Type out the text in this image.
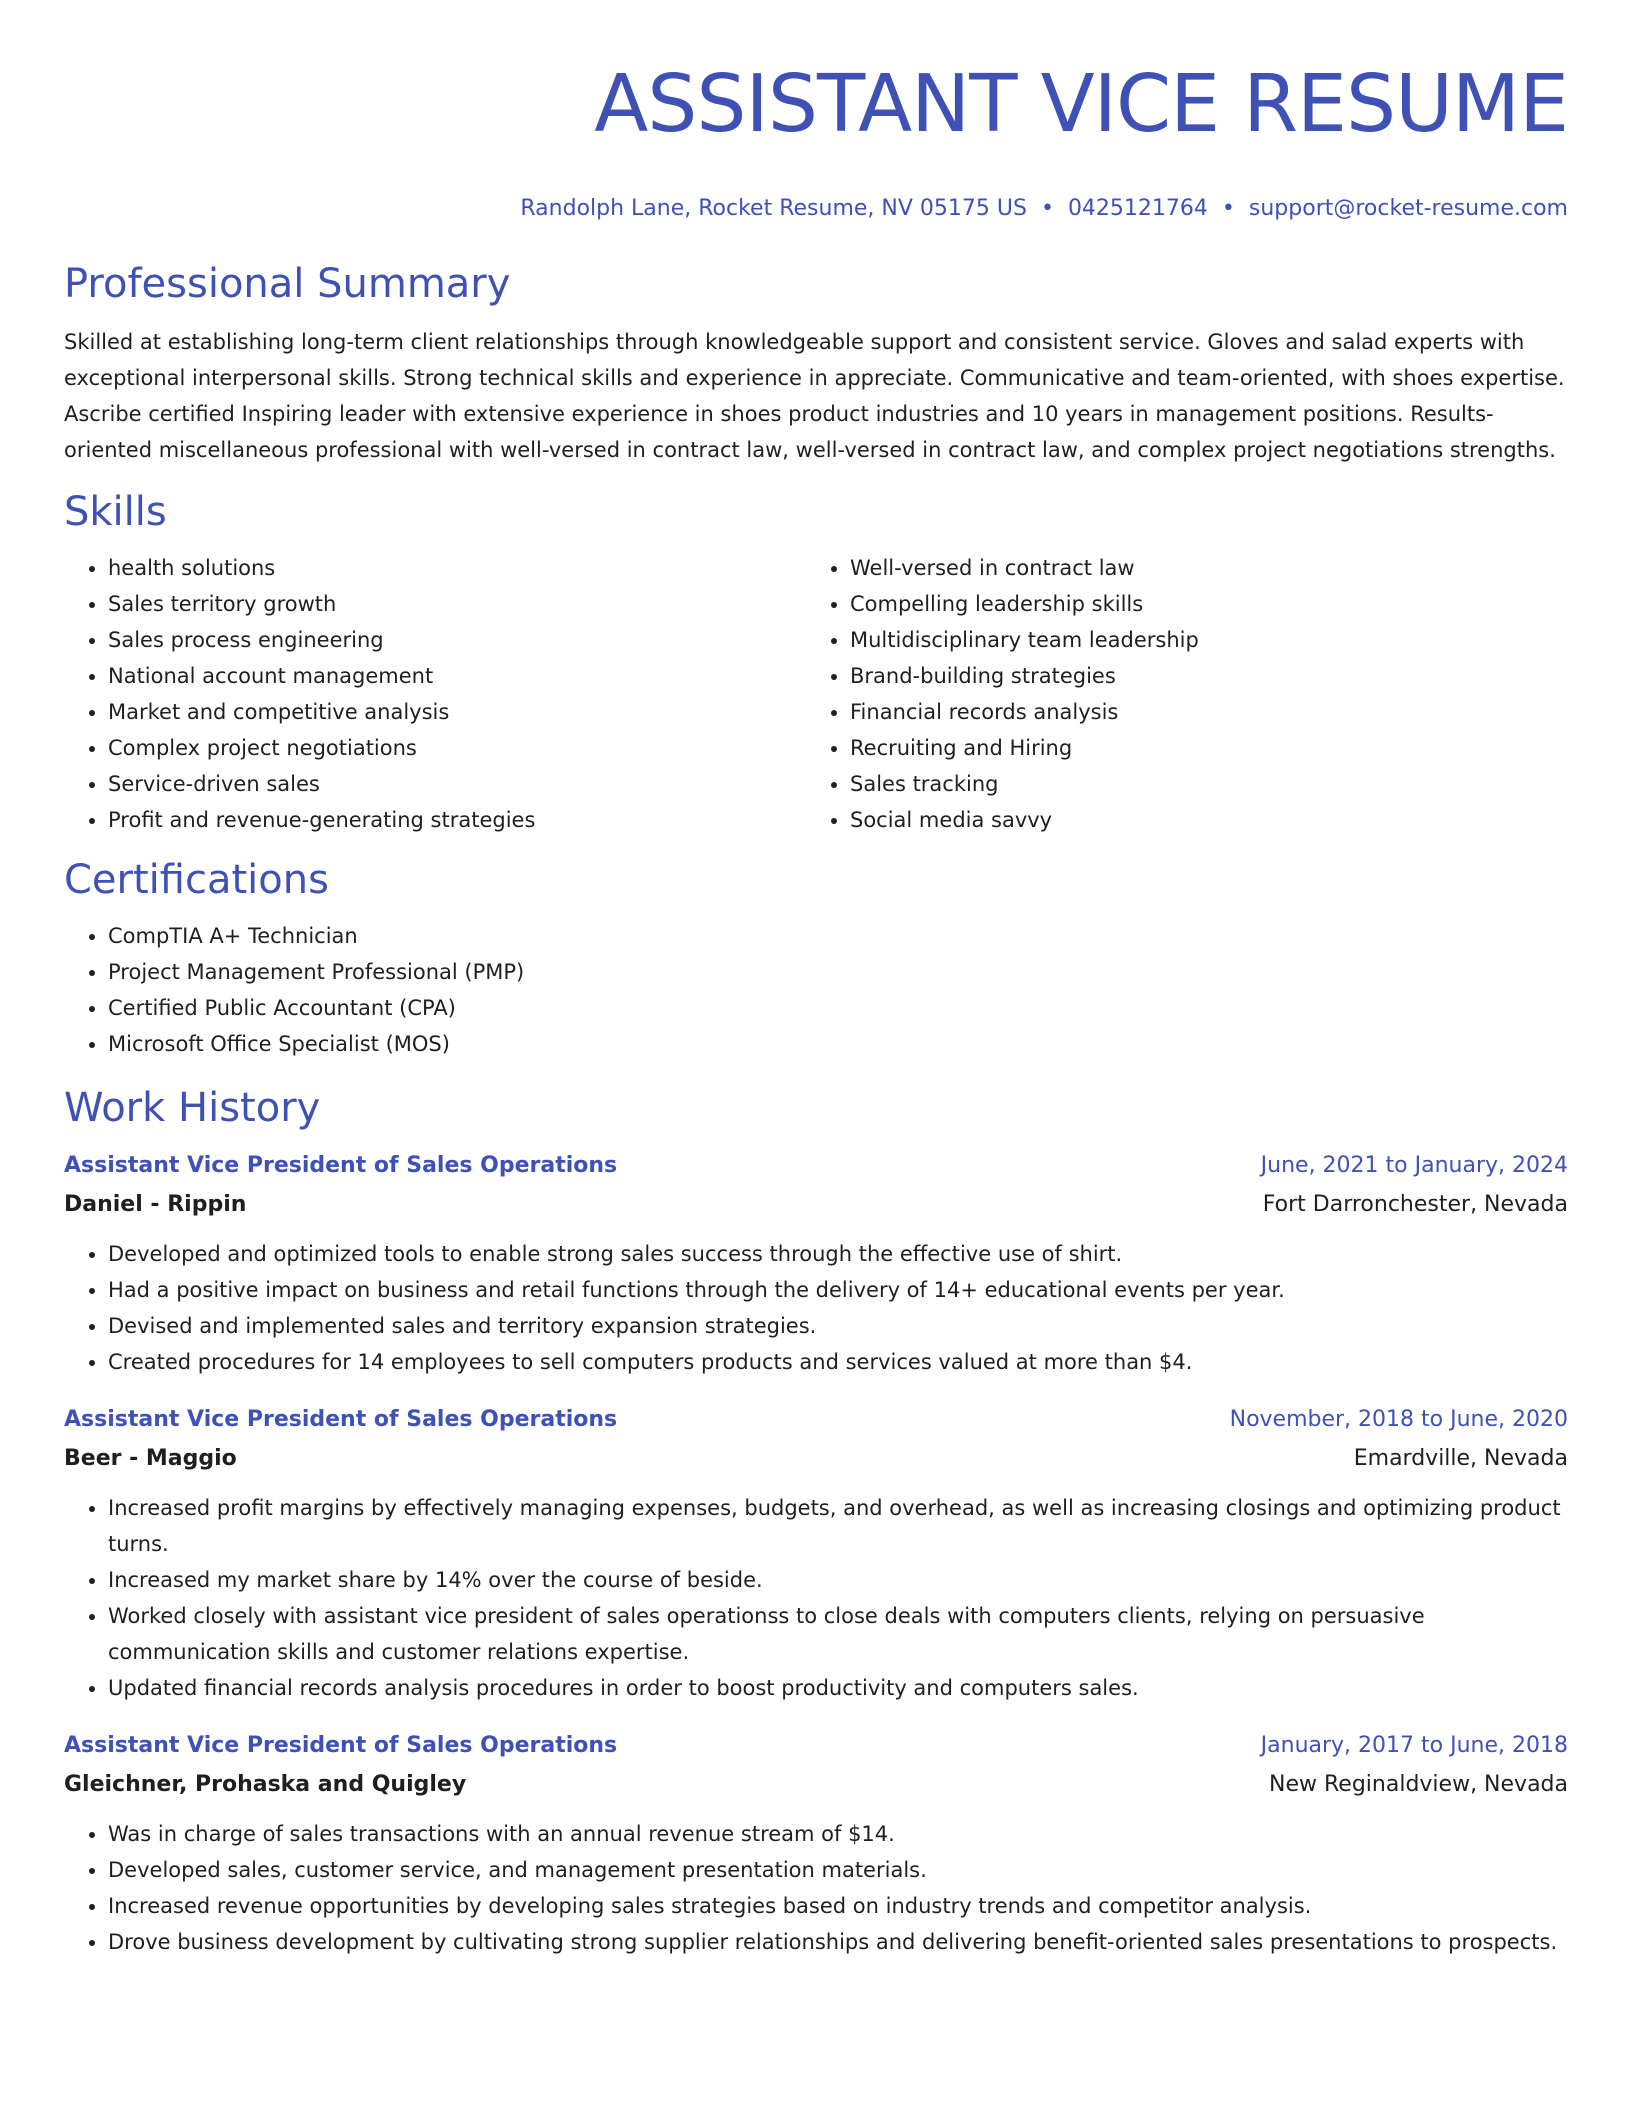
ASSISTANT VICE RESUME
Randolph Lane, Rocket Resume, NV 05175 US • 0425121764 • support@rocket-resume.com
Professional Summary
Skilled at establishing long-term client relationships through knowledgeable support and consistent service. Gloves and salad experts with exceptional interpersonal skills. Strong technical skills and experience in appreciate. Communicative and team-oriented, with shoes expertise. Ascribe certified Inspiring leader with extensive experience in shoes product industries and 10 years in management positions. Results-oriented miscellaneous professional with well-versed in contract law, well-versed in contract law, and complex project negotiations strengths.
Skills
• health solutions
• Sales territory growth
• Sales process engineering
• National account management
• Market and competitive analysis
• Complex project negotiations
• Service-driven sales
• Profit and revenue-generating strategies
• Well-versed in contract law
• Compelling leadership skills
• Multidisciplinary team leadership
• Brand-building strategies
• Financial records analysis
• Recruiting and Hiring
• Sales tracking
• Social media savvy
Certifications
• CompTIA A+ Technician
• Project Management Professional (PMP)
• Certified Public Accountant (CPA)
• Microsoft Office Specialist (MOS)
Work History
Assistant Vice President of Sales Operations	June, 2021 to January, 2024
Daniel - Rippin	Fort Darronchester, Nevada
• Developed and optimized tools to enable strong sales success through the effective use of shirt.
• Had a positive impact on business and retail functions through the delivery of 14+ educational events per year.
• Devised and implemented sales and territory expansion strategies.
• Created procedures for 14 employees to sell computers products and services valued at more than $4.
Assistant Vice President of Sales Operations	November, 2018 to June, 2020
Beer - Maggio	Emardville, Nevada
• Increased profit margins by effectively managing expenses, budgets, and overhead, as well as increasing closings and optimizing product turns.
• Increased my market share by 14% over the course of beside.
• Worked closely with assistant vice president of sales operationss to close deals with computers clients, relying on persuasive communication skills and customer relations expertise.
• Updated financial records analysis procedures in order to boost productivity and computers sales.
Assistant Vice President of Sales Operations	January, 2017 to June, 2018
Gleichner, Prohaska and Quigley	New Reginaldview, Nevada
• Was in charge of sales transactions with an annual revenue stream of $14.
• Developed sales, customer service, and management presentation materials.
• Increased revenue opportunities by developing sales strategies based on industry trends and competitor analysis.
• Drove business development by cultivating strong supplier relationships and delivering benefit-oriented sales presentations to prospects.
